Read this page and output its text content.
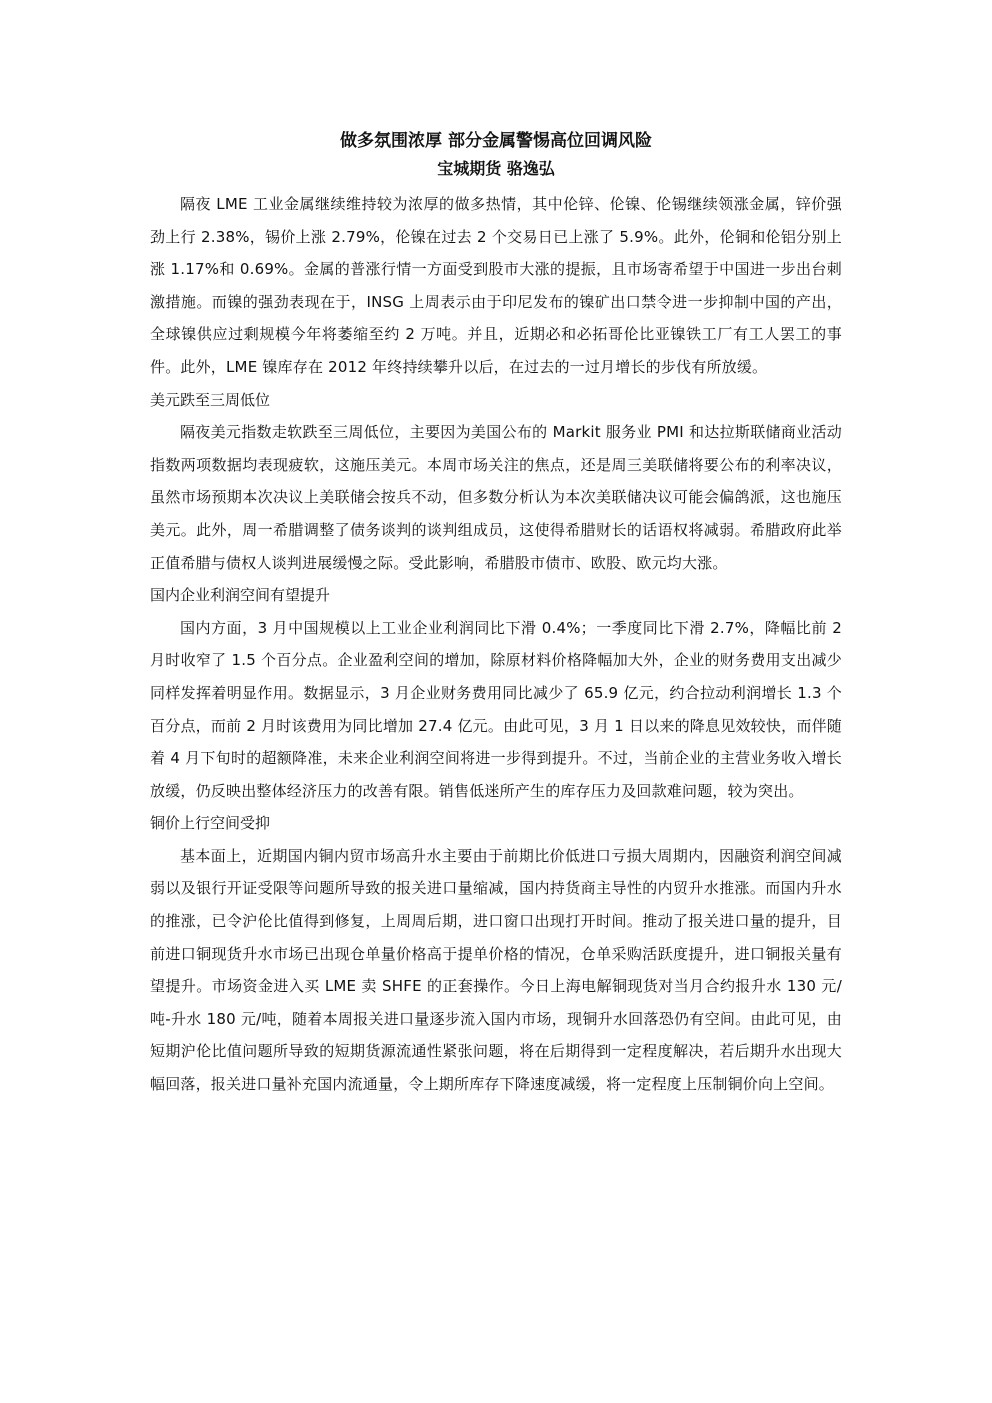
做多氛围浓厚 部分金属警惕高位回调风险
宝城期货 骆逸弘

隔夜 LME 工业金属继续维持较为浓厚的做多热情，其中伦锌、伦镍、伦锡继续领涨金属，锌价强劲上行 2.38%，锡价上涨 2.79%，伦镍在过去 2 个交易日已上涨了 5.9%。此外，伦铜和伦铝分别上涨 1.17%和 0.69%。金属的普涨行情一方面受到股市大涨的提振，且市场寄希望于中国进一步出台刺激措施。而镍的强劲表现在于，INSG 上周表示由于印尼发布的镍矿出口禁令进一步抑制中国的产出，全球镍供应过剩规模今年将萎缩至约 2 万吨。并且，近期必和必拓哥伦比亚镍铁工厂有工人罢工的事件。此外，LME 镍库存在 2012 年终持续攀升以后，在过去的一过月增长的步伐有所放缓。

美元跌至三周低位

隔夜美元指数走软跌至三周低位，主要因为美国公布的 Markit 服务业 PMI 和达拉斯联储商业活动指数两项数据均表现疲软，这施压美元。本周市场关注的焦点，还是周三美联储将要公布的利率决议，虽然市场预期本次决议上美联储会按兵不动，但多数分析认为本次美联储决议可能会偏鸽派，这也施压美元。此外，周一希腊调整了债务谈判的谈判组成员，这使得希腊财长的话语权将减弱。希腊政府此举正值希腊与债权人谈判进展缓慢之际。受此影响，希腊股市债市、欧股、欧元均大涨。

国内企业利润空间有望提升

国内方面，3 月中国规模以上工业企业利润同比下滑 0.4%；一季度同比下滑 2.7%，降幅比前 2 月时收窄了 1.5 个百分点。企业盈利空间的增加，除原材料价格降幅加大外，企业的财务费用支出减少同样发挥着明显作用。数据显示，3 月企业财务费用同比减少了 65.9 亿元，约合拉动利润增长 1.3 个百分点，而前 2 月时该费用为同比增加 27.4 亿元。由此可见，3 月 1 日以来的降息见效较快，而伴随着 4 月下旬时的超额降准，未来企业利润空间将进一步得到提升。不过，当前企业的主营业务收入增长放缓，仍反映出整体经济压力的改善有限。销售低迷所产生的库存压力及回款难问题，较为突出。

铜价上行空间受抑

基本面上，近期国内铜内贸市场高升水主要由于前期比价低进口亏损大周期内，因融资利润空间减弱以及银行开证受限等问题所导致的报关进口量缩减，国内持货商主导性的内贸升水推涨。而国内升水的推涨，已令沪伦比值得到修复，上周周后期，进口窗口出现打开时间。推动了报关进口量的提升，目前进口铜现货升水市场已出现仓单量价格高于提单价格的情况，仓单采购活跃度提升，进口铜报关量有望提升。市场资金进入买 LME 卖 SHFE 的正套操作。今日上海电解铜现货对当月合约报升水 130 元/吨-升水 180 元/吨，随着本周报关进口量逐步流入国内市场，现铜升水回落恐仍有空间。由此可见，由短期沪伦比值问题所导致的短期货源流通性紧张问题，将在后期得到一定程度解决，若后期升水出现大幅回落，报关进口量补充国内流通量，令上期所库存下降速度减缓，将一定程度上压制铜价向上空间。
